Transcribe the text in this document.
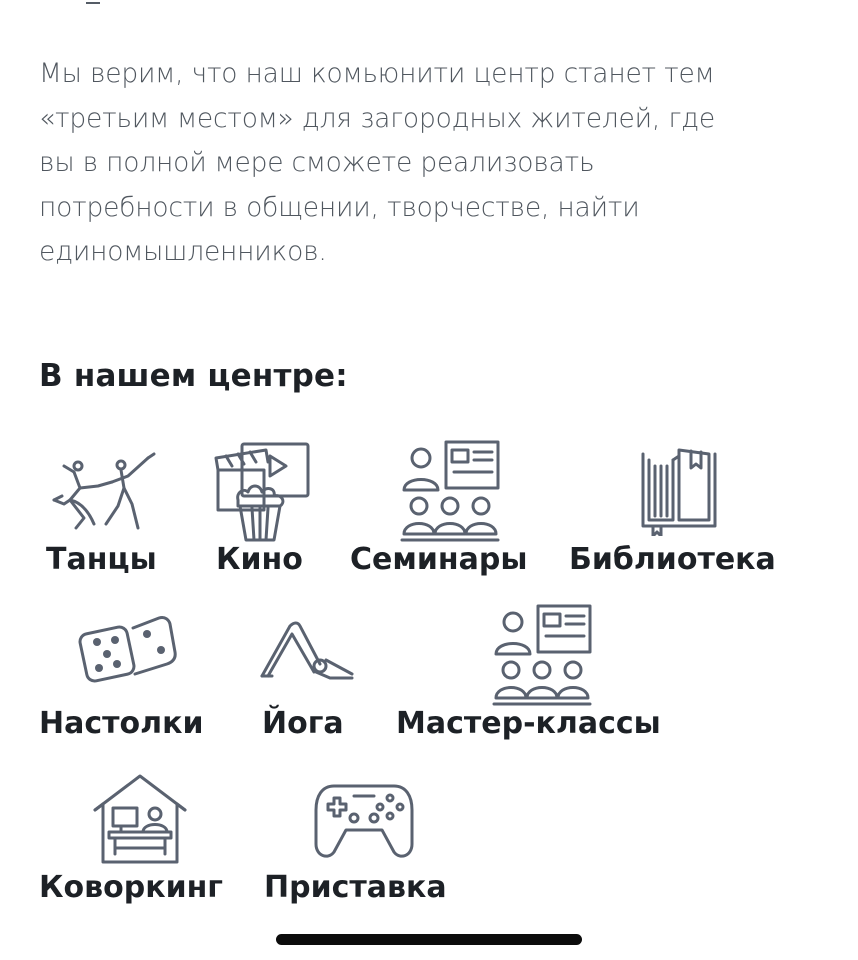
Мы верим, что наш комьюнити центр станет тем
«третьим местом» для загородных жителей, где
вы в полной мере сможете реализовать
потребности в общении, творчестве, найти
единомышленников.

В нашем центре:
Танцы Кино Семинары Библиотека
Настолки Йога Мастер-классы
Коворкинг Приставка
